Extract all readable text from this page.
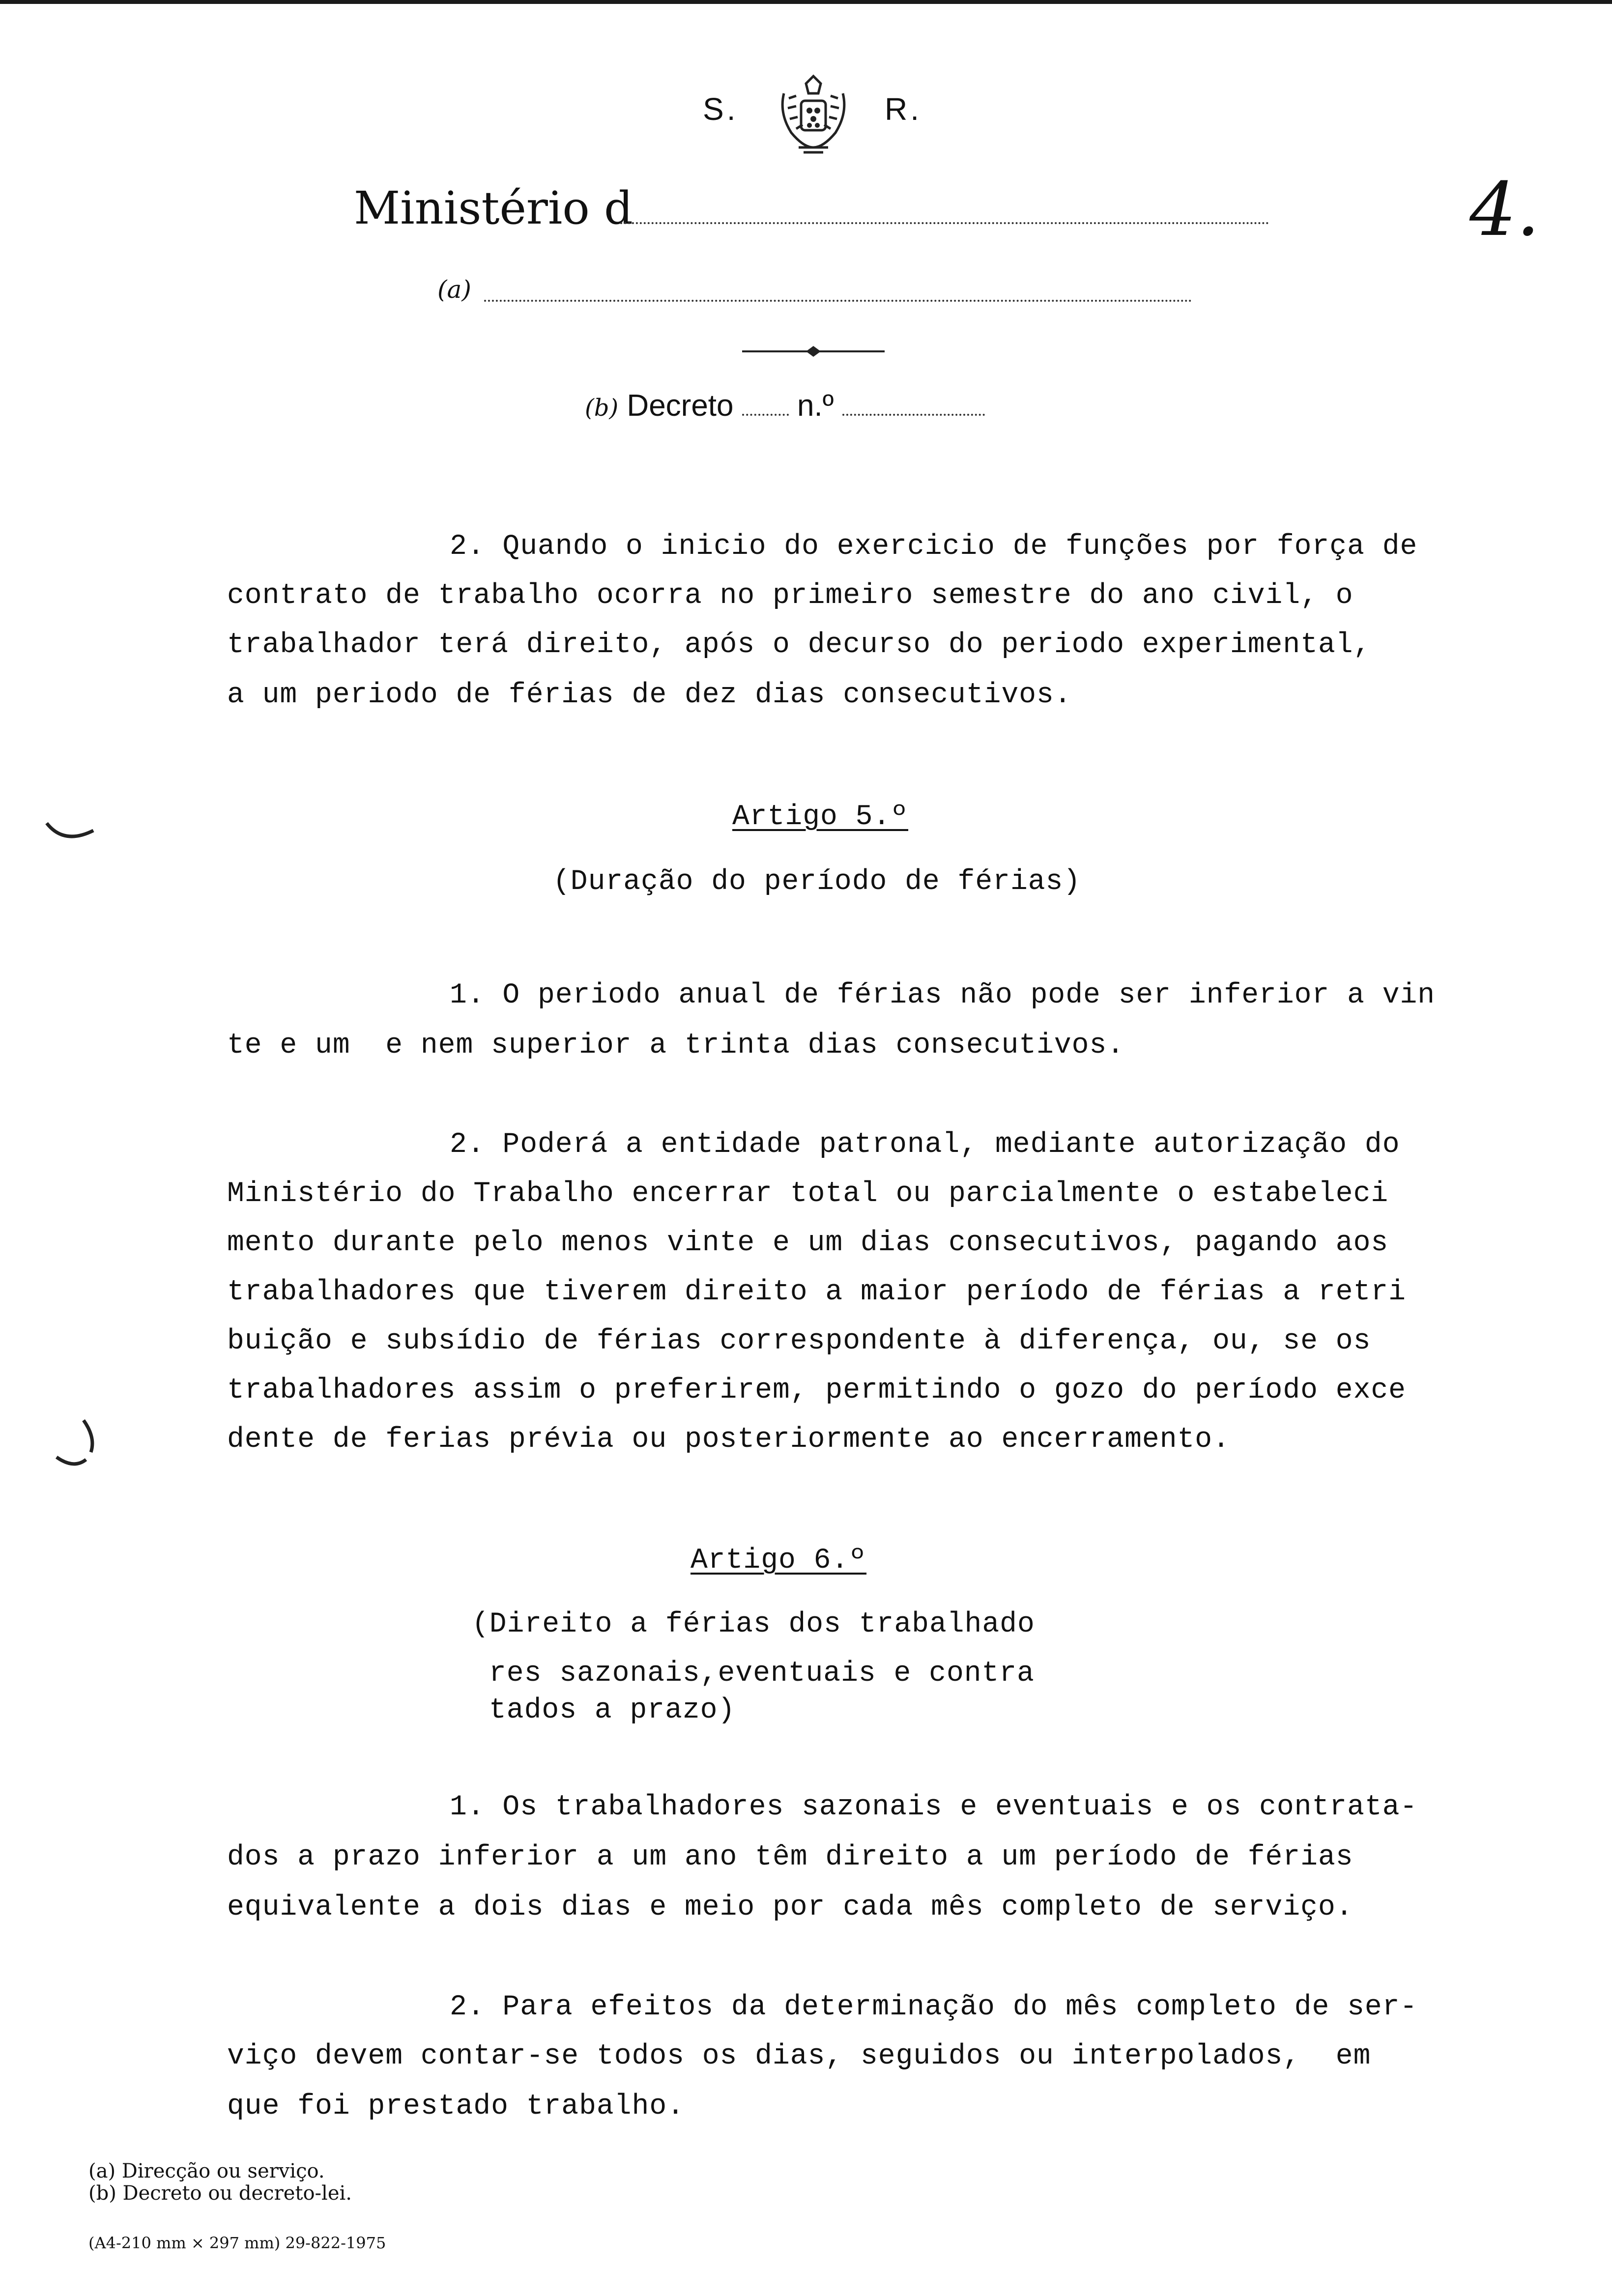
S.	R.
Ministério d
(a)
(b) Decreto n.º
4.
2. Quando o inicio do exercicio de funções por força de
contrato de trabalho ocorra no primeiro semestre do ano civil, o
trabalhador terá direito, após o decurso do periodo experimental,
a um periodo de férias de dez dias consecutivos.
Artigo 5.º
(Duração do período de férias)
1. O periodo anual de férias não pode ser inferior a vin
te e um  e nem superior a trinta dias consecutivos.
2. Poderá a entidade patronal, mediante autorização do
Ministério do Trabalho encerrar total ou parcialmente o estabeleci
mento durante pelo menos vinte e um dias consecutivos, pagando aos
trabalhadores que tiverem direito a maior período de férias a retri
buição e subsídio de férias correspondente à diferença, ou, se os
trabalhadores assim o preferirem, permitindo o gozo do período exce
dente de ferias prévia ou posteriormente ao encerramento.
Artigo 6.º
(Direito a férias dos trabalhado
res sazonais,eventuais e contra
tados a prazo)
1. Os trabalhadores sazonais e eventuais e os contrata-
dos a prazo inferior a um ano têm direito a um período de férias
equivalente a dois dias e meio por cada mês completo de serviço.
2. Para efeitos da determinação do mês completo de ser-
viço devem contar-se todos os dias, seguidos ou interpolados,  em
que foi prestado trabalho.
(a) Direcção ou serviço.
(b) Decreto ou decreto-lei.
(A4-210 mm × 297 mm) 29-822-1975
